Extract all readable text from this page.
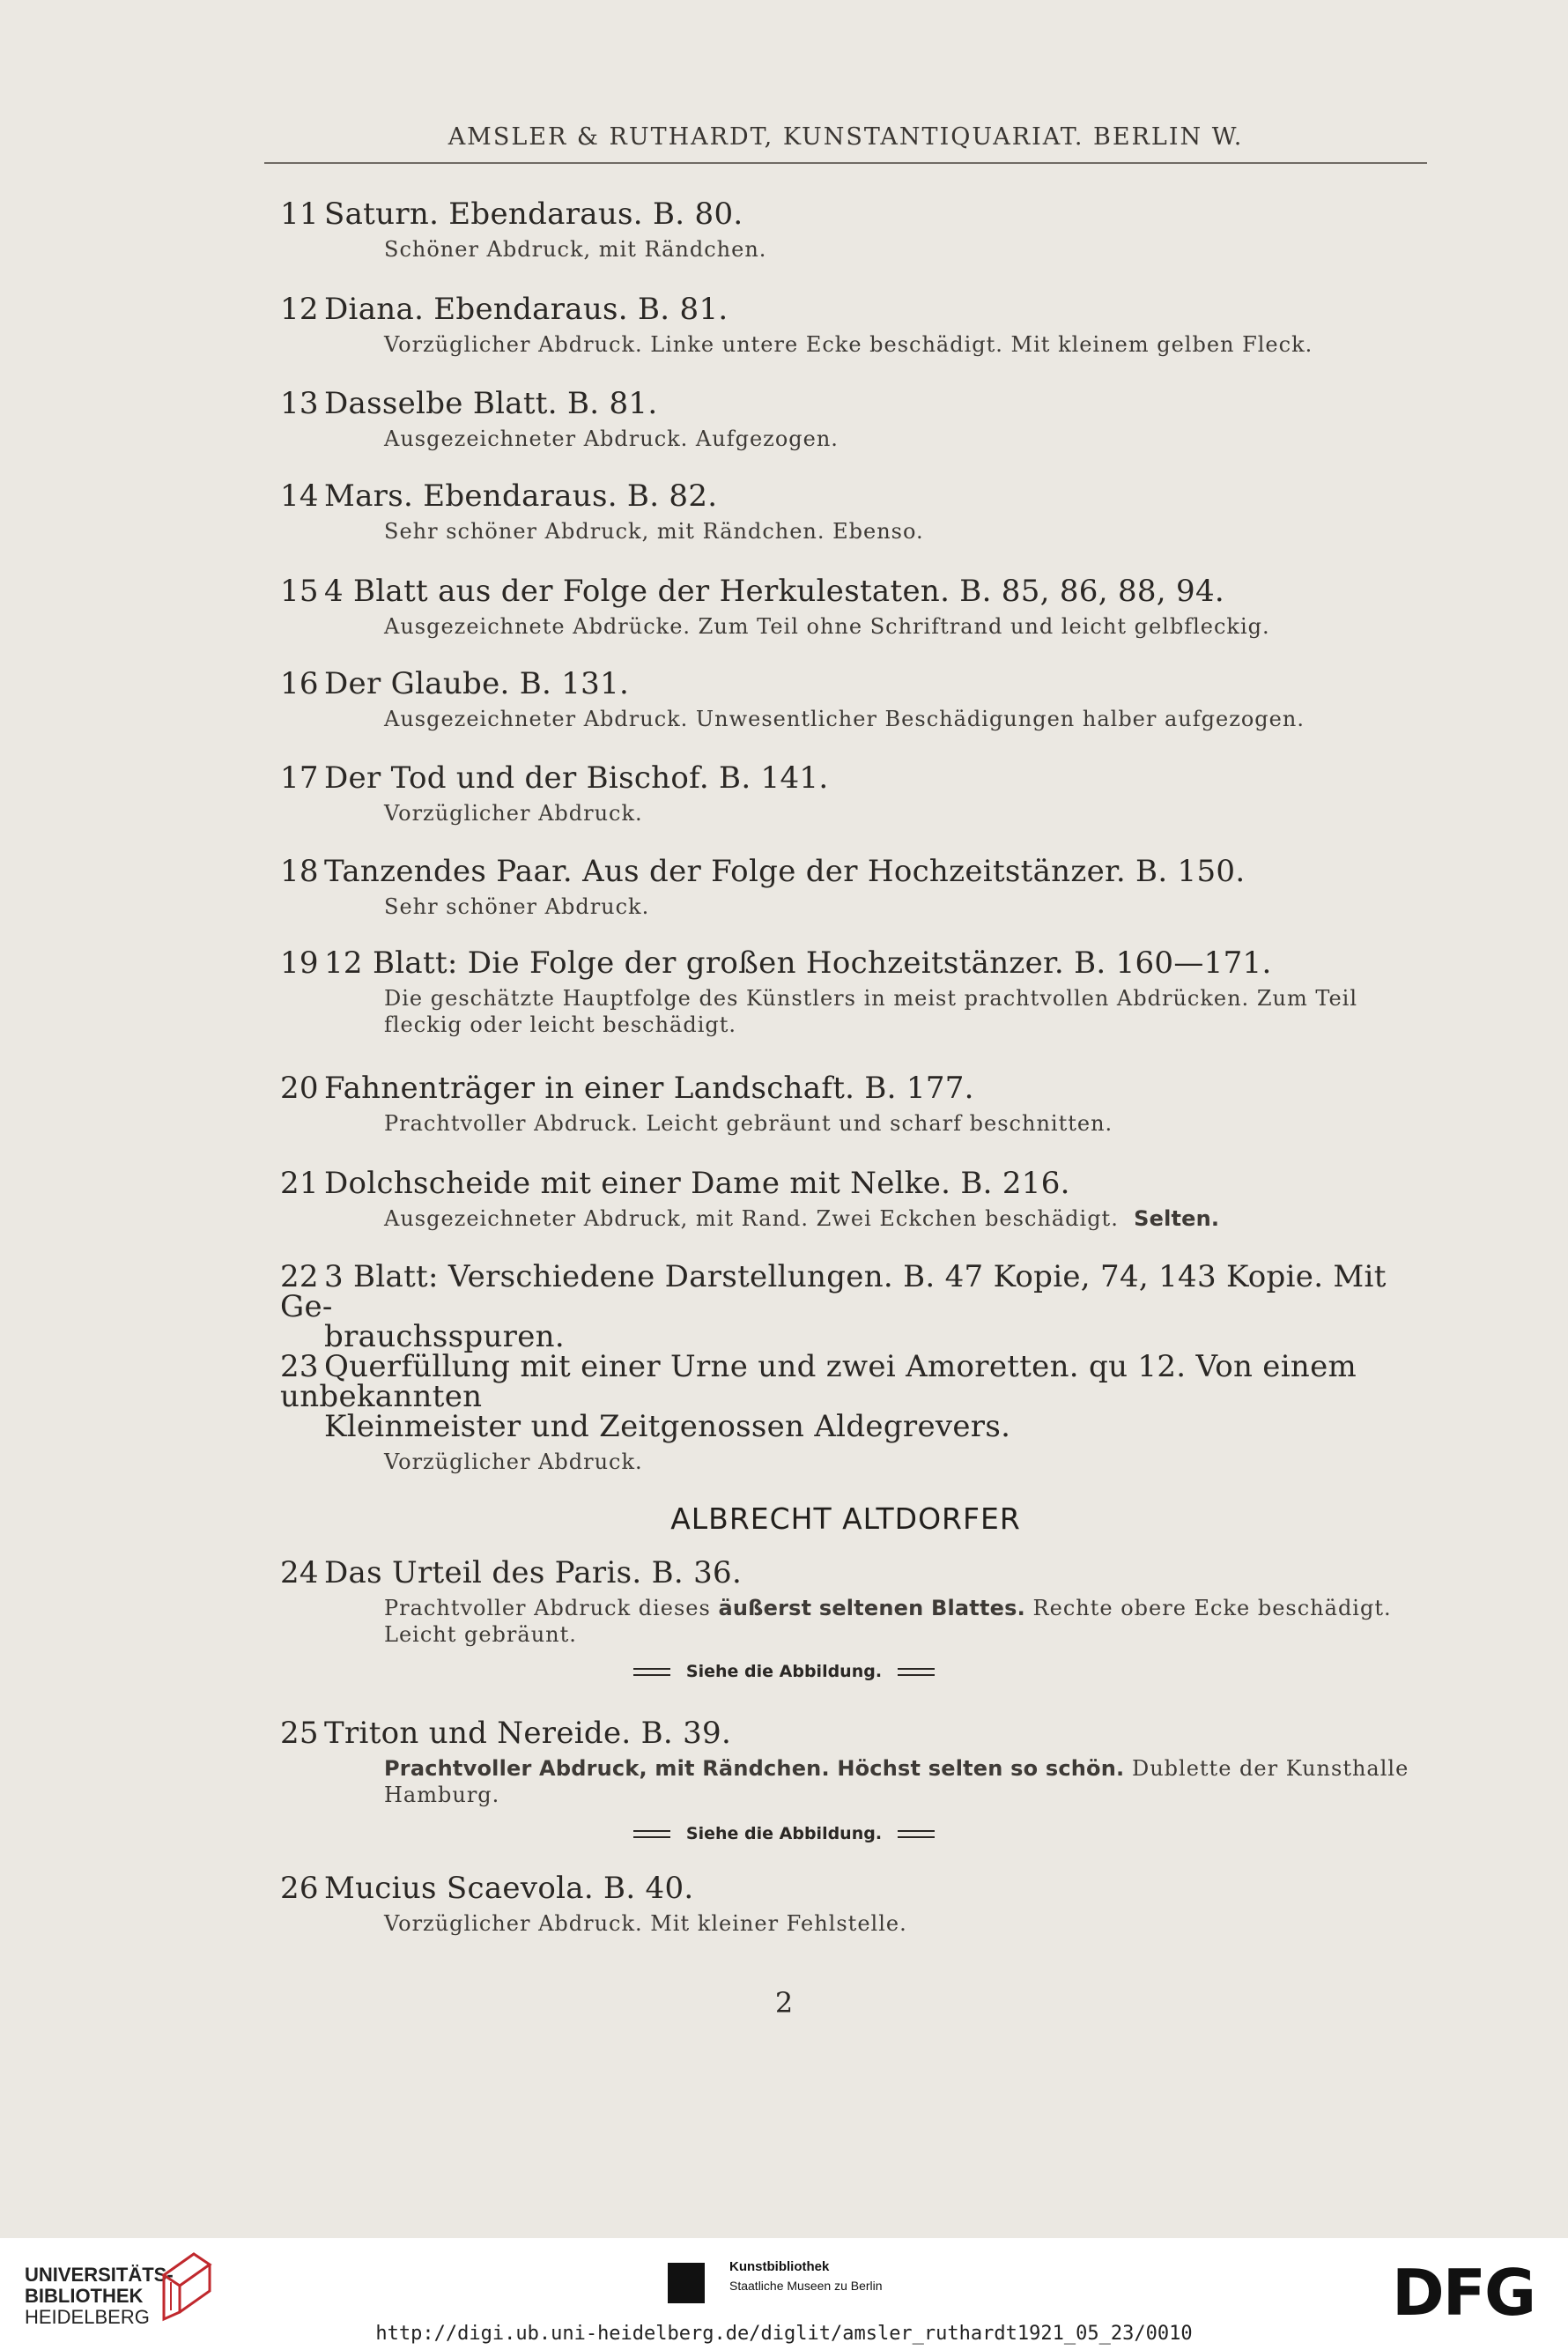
AMSLER & RUTHARDT, KUNSTANTIQUARIAT. BERLIN W.
11 Saturn. Ebendaraus. B. 80.
Schöner Abdruck, mit Rändchen.
12 Diana. Ebendaraus. B. 81.
Vorzüglicher Abdruck. Linke untere Ecke beschädigt. Mit kleinem gelben Fleck.
13 Dasselbe Blatt. B. 81.
Ausgezeichneter Abdruck. Aufgezogen.
14 Mars. Ebendaraus. B. 82.
Sehr schöner Abdruck, mit Rändchen. Ebenso.
15 4 Blatt aus der Folge der Herkulestaten. B. 85, 86, 88, 94.
Ausgezeichnete Abdrücke. Zum Teil ohne Schriftrand und leicht gelbfleckig.
16 Der Glaube. B. 131.
Ausgezeichneter Abdruck. Unwesentlicher Beschädigungen halber aufgezogen.
17 Der Tod und der Bischof. B. 141.
Vorzüglicher Abdruck.
18 Tanzendes Paar. Aus der Folge der Hochzeitstänzer. B. 150.
Sehr schöner Abdruck.
19 12 Blatt: Die Folge der großen Hochzeitstänzer. B. 160—171.
Die geschätzte Hauptfolge des Künstlers in meist prachtvollen Abdrücken. Zum Teil fleckig oder leicht beschädigt.
20 Fahnenträger in einer Landschaft. B. 177.
Prachtvoller Abdruck. Leicht gebräunt und scharf beschnitten.
21 Dolchscheide mit einer Dame mit Nelke. B. 216.
Ausgezeichneter Abdruck, mit Rand. Zwei Eckchen beschädigt. Selten.
22 3 Blatt: Verschiedene Darstellungen. B. 47 Kopie, 74, 143 Kopie. Mit Ge-
brauchsspuren.
23 Querfüllung mit einer Urne und zwei Amoretten. qu 12. Von einem unbekannten
Kleinmeister und Zeitgenossen Aldegrevers.
Vorzüglicher Abdruck.
ALBRECHT ALTDORFER
24 Das Urteil des Paris. B. 36.
Prachtvoller Abdruck dieses äußerst seltenen Blattes. Rechte obere Ecke beschädigt. Leicht gebräunt.
Siehe die Abbildung.
25 Triton und Nereide. B. 39.
Prachtvoller Abdruck, mit Rändchen. Höchst selten so schön. Dublette der Kunsthalle Hamburg.
Siehe die Abbildung.
26 Mucius Scaevola. B. 40.
Vorzüglicher Abdruck. Mit kleiner Fehlstelle.
2
UNIVERSITÄTS-
BIBLIOTHEK
HEIDELBERG
Kunstbibliothek
Staatliche Museen zu Berlin	DFG
http://digi.ub.uni-heidelberg.de/diglit/amsler_ruthardt1921_05_23/0010
